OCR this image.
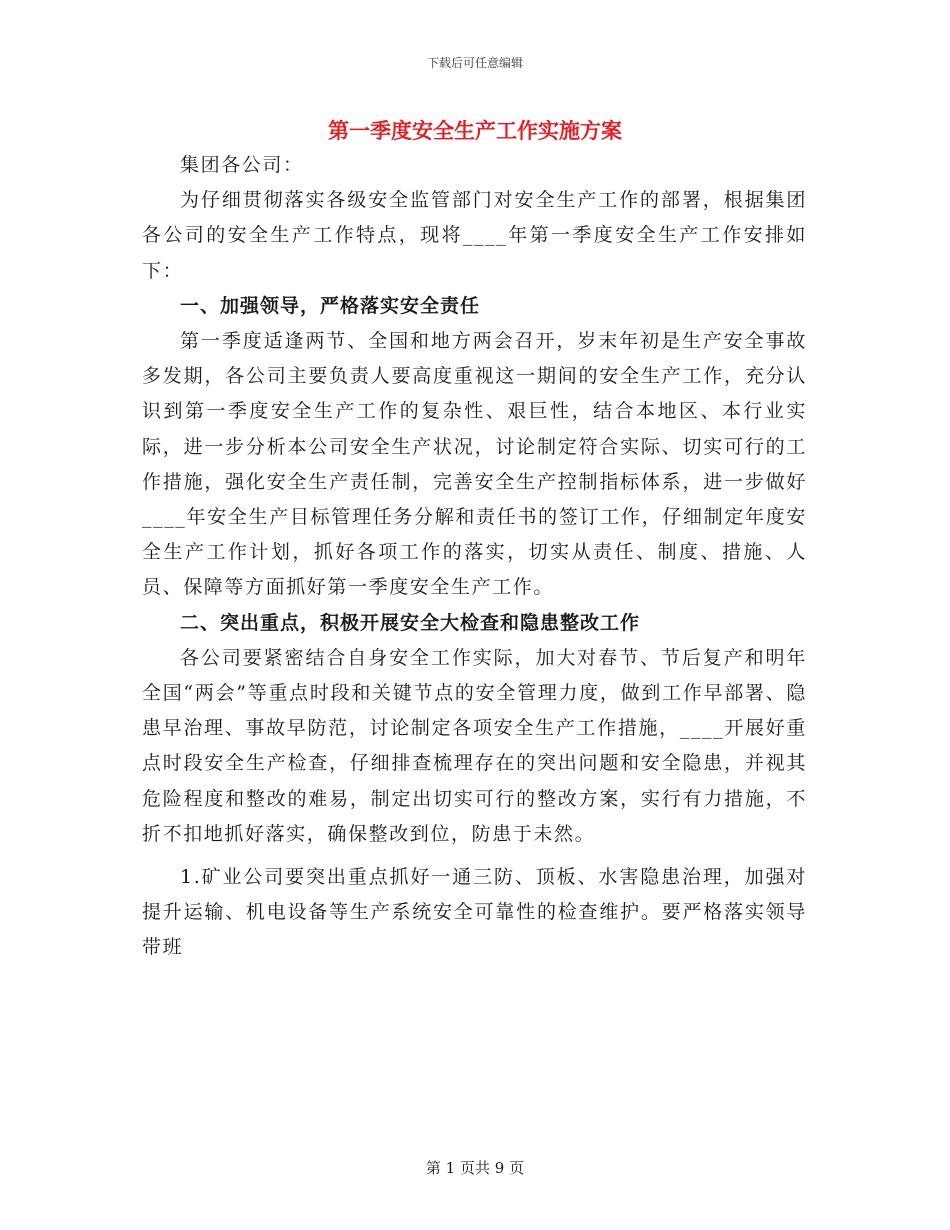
下载后可任意编辑
第一季度安全生产工作实施方案

集团各公司：

为仔细贯彻落实各级安全监管部门对安全生产工作的部署，根据集团各公司的安全生产工作特点，现将____年第一季度安全生产工作安排如下：

一、加强领导，严格落实安全责任

第一季度适逢两节、全国和地方两会召开，岁末年初是生产安全事故多发期，各公司主要负责人要高度重视这一期间的安全生产工作，充分认识到第一季度安全生产工作的复杂性、艰巨性，结合本地区、本行业实际，进一步分析本公司安全生产状况，讨论制定符合实际、切实可行的工作措施，强化安全生产责任制，完善安全生产控制指标体系，进一步做好____年安全生产目标管理任务分解和责任书的签订工作，仔细制定年度安全生产工作计划，抓好各项工作的落实，切实从责任、制度、措施、人员、保障等方面抓好第一季度安全生产工作。

二、突出重点，积极开展安全大检查和隐患整改工作

各公司要紧密结合自身安全工作实际，加大对春节、节后复产和明年全国“两会”等重点时段和关键节点的安全管理力度，做到工作早部署、隐患早治理、事故早防范，讨论制定各项安全生产工作措施，____开展好重点时段安全生产检查，仔细排查梳理存在的突出问题和安全隐患，并视其危险程度和整改的难易，制定出切实可行的整改方案，实行有力措施，不折不扣地抓好落实，确保整改到位，防患于未然。

1.矿业公司要突出重点抓好一通三防、顶板、水害隐患治理，加强对提升运输、机电设备等生产系统安全可靠性的检查维护。要严格落实领导带班

第 1 页共 9 页
